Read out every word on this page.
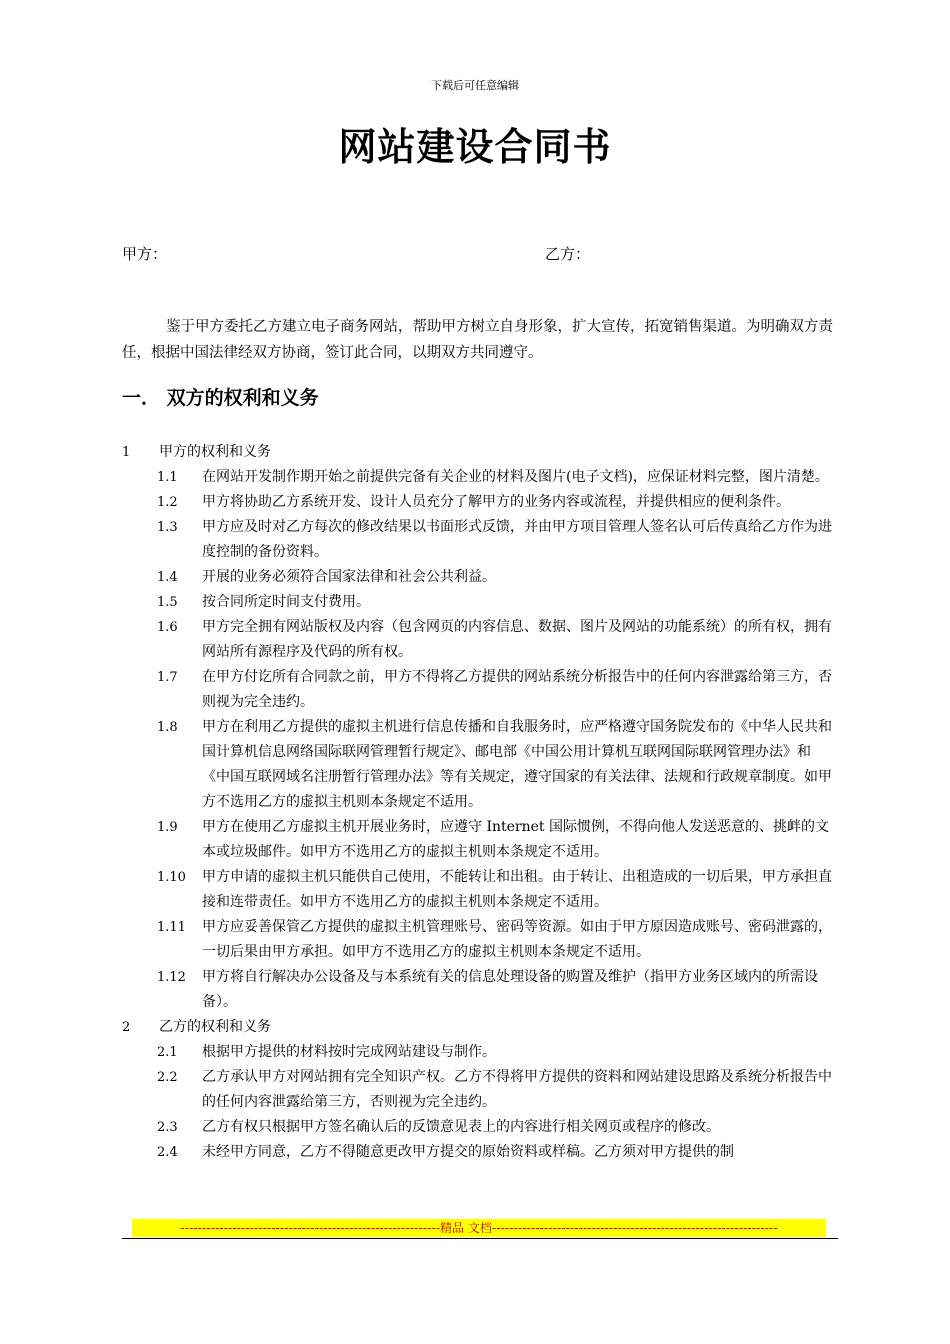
下载后可任意编辑
网站建设合同书
甲方：	乙方：
鉴于甲方委托乙方建立电子商务网站，帮助甲方树立自身形象，扩大宣传，拓宽销售渠道。为明确双方责任，根据中国法律经双方协商，签订此合同，以期双方共同遵守。
一． 双方的权利和义务
1 甲方的权利和义务
1.1 在网站开发制作期开始之前提供完备有关企业的材料及图片(电子文档)，应保证材料完整，图片清楚。
1.2 甲方将协助乙方系统开发、设计人员充分了解甲方的业务内容或流程，并提供相应的便利条件。
1.3 甲方应及时对乙方每次的修改结果以书面形式反馈，并由甲方项目管理人签名认可后传真给乙方作为进度控制的备份资料。
1.4 开展的业务必须符合国家法律和社会公共利益。
1.5 按合同所定时间支付费用。
1.6 甲方完全拥有网站版权及内容（包含网页的内容信息、数据、图片及网站的功能系统）的所有权，拥有网站所有源程序及代码的所有权。
1.7 在甲方付讫所有合同款之前，甲方不得将乙方提供的网站系统分析报告中的任何内容泄露给第三方，否则视为完全违约。
1.8 甲方在利用乙方提供的虚拟主机进行信息传播和自我服务时，应严格遵守国务院发布的《中华人民共和国计算机信息网络国际联网管理暂行规定》、邮电部《中国公用计算机互联网国际联网管理办法》和《中国互联网域名注册暂行管理办法》等有关规定，遵守国家的有关法律、法规和行政规章制度。如甲方不选用乙方的虚拟主机则本条规定不适用。
1.9 甲方在使用乙方虚拟主机开展业务时，应遵守 Internet 国际惯例，不得向他人发送恶意的、挑衅的文本或垃圾邮件。如甲方不选用乙方的虚拟主机则本条规定不适用。
1.10 甲方申请的虚拟主机只能供自己使用，不能转让和出租。由于转让、出租造成的一切后果，甲方承担直接和连带责任。如甲方不选用乙方的虚拟主机则本条规定不适用。
1.11 甲方应妥善保管乙方提供的虚拟主机管理账号、密码等资源。如由于甲方原因造成账号、密码泄露的，一切后果由甲方承担。如甲方不选用乙方的虚拟主机则本条规定不适用。
1.12 甲方将自行解决办公设备及与本系统有关的信息处理设备的购置及维护（指甲方业务区域内的所需设备）。
2 乙方的权利和义务
2.1 根据甲方提供的材料按时完成网站建设与制作。
2.2 乙方承认甲方对网站拥有完全知识产权。乙方不得将甲方提供的资料和网站建设思路及系统分析报告中的任何内容泄露给第三方，否则视为完全违约。
2.3 乙方有权只根据甲方签名确认后的反馈意见表上的内容进行相关网页或程序的修改。
2.4 未经甲方同意，乙方不得随意更改甲方提交的原始资料或样稿。乙方须对甲方提供的制
------------------------------------------------------------精品 文档------------------------------------------------------------------
